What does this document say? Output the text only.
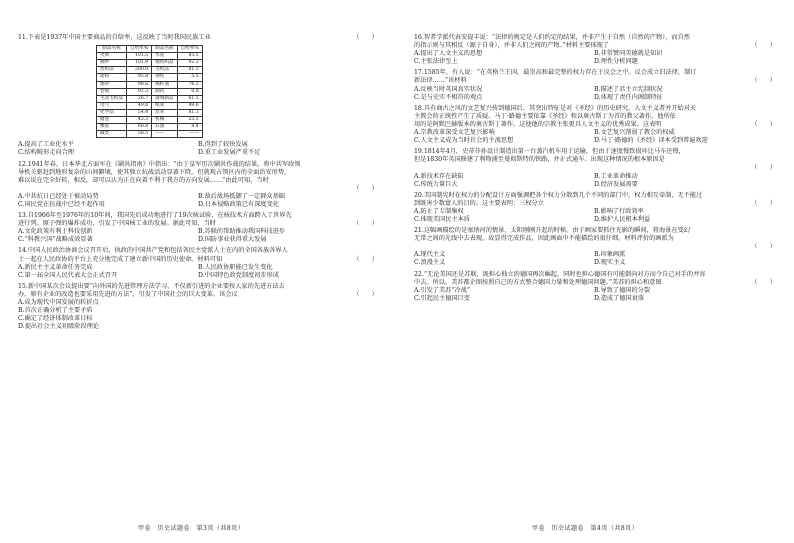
11.下表是1937年中国主要商品的自给率，这反映了当时我国民族工业	（　　）
制品名称	自给率%	制品名称	自给率%
火柴	101.5	水泥	83.5
棉纱	101.9	棉纺织品	92.2
丝织品	200.0	毛织品	81.5
面粉	95.8	钢铁	5.5
烟草	98.6	棉籽油	76.5
卷烟	92.3	制药	0.8
毛及毛织品	26.7	玻璃制品	61.5
电气	49.6	纸张	49.6
化学品	54.4	皮革	81.3
搪瓷	42.3	机械	23.5
橡胶	68.8	石油	8.4
碱类	58.5	——	——
A.提高了工业化水平	B.得到了较快发展
C.结构畸形走向合理	D.重工业发展严重不足
12.1941年春，日本华北方面军在《剿共指南》中指出：“由于皇军历次剿共作战的结果，将中共军政领
导机关驱赶到地形复杂的山间僻壤，使其独立抗战活动显著下降。但就观占领区内的全面治安形势，
难以说在完全好转，相反，却可以认为正在向着不利于我方的方向发展……”由此可知，当时
（　　）
A.中共抗日已经处于被动局势	B.敌后战场抵御了一定群众基础
C.国民党在抗战中已经不起作用	D.日本侵略政策已有深度变化
13.自1966年至1976年的10年间，我国先后成功地进行了19次核试验，在核技术方面跨入了世界先
进行列。原子弹的爆炸成功，引发了中国核工业的发展。据此可知，当时	（　　）
A.文化政策有利于科技创新	B.苏联的帮助推动我国科技进步
C.“科教兴国”战略成效显著	D.国防事业获得重大发展
14.中国人民政治协商会议召开后，执政的中国共产党和包括各民主党派人士在内的全国各族各界人
士一起在人民政协的平台上充分地完成了建立新中国的历史使命。材料可知	（　　）
A.新民主主义革命任务完成	B.人民政协职能已发生变化
C.第一届全国人民代表大会正式召开	D.中国特色政党制度初步形成
15.新中国某次会议提出要“向外国的先进管理方法学习，不仅新引进的企业要按人家的先进方法去
办，原有企业的改造也要采用先进的方法”，引发了中国社会的巨大变革。该会议	（　　）
A.成为现代中国发展的转折点
B.首次正确分析了主要矛盾
C.确定了经济体制改革目标
D.提出社会主义初级阶段理论
16.智者学派代表安提丰说：“法律的规定是人们约定的结果，并非产生于自然（自然的产物），而自然
的指示则与其相反（源于自身），并非人们之间的产物。”材料主要体现了	（　　）
A.提出了人文主义的思想	B.非常赞同美德就是知识
C.主张法律至上	D.理性分析问题
17.1585年，有人说：“在英格兰王国，最崇高和最完整的权力存在于议会之中。议会成立旧法律，制订
新法律……”该材料	（　　）
A.反映当时英国真实状况	B.描述了君主立宪制状况
C.是与史实不相符的观点	D.体现了责任内阁制特征
18.具有商古之风的文艺复兴传到德国后，其突出特征是对《圣经》的历史研究，人文主义者并开始对天
主教会的正统性产生了质疑。马丁·路德主要依靠《圣经》和以奥古斯丁为首的教父著作，他所依
用的是阿默巴赫版本的奥古斯丁著作，这使他的宗教主张更具人文主义的优秀成果。这表明	（　　）
A.宗教改革深受文艺复兴影响	B.文艺复兴削弱了教会的权威
C.人文主义成为当时社会的主流思想	D.马丁·路德的《圣经》译本受到普遍欢迎
19.1814年4月，史蒂芬孙设计制造出第一台蒸汽机车用于运输，但由于速度慢致损坏比马车还慢，
但是1830年英国修建了利物浦至曼彻斯特的铁路，并正式通车。出现这种情况的根本原因是
（　　）
A.新技术存在缺陷	B.工业革命推动
C.传统力量巨大	D.经济发展需要
20.美国制宪时在权力的分配设计方面强调把各个权力分散到几个不同的部门中，权力相互牵制，无不能过
到既害少数富人的目的。这主要表明：三权分立	（　　）
A.防止了专制集权	B.影响了行政效率
C.体现美国民主本质	D.维护人民根本利益
21.这幅画描绘的是塞纳河的情景，太阳刚刚升起的时候。由于画家要抓住光影的瞬间，将海景在变幻
无常之间的光线中去表现，故显得完成作品，因此画面中不能描绘的很仔细。材料评价的画派为
（　　）
A.现代主义	B.印象画派
C.浪漫主义	D.现实主义
22.“无论美国还是苏联，既担心独立的德国再次崛起，同时也担心德国有可能倒向对方而令自己对手的并容
中去。所以，美苏都企图按照自己的方式整合德国力量和处理德国问题。”美苏的担心和意图	（　　）
A.引发了美苏“冷战”	B.导致了德国的分裂
C.引起民主德国巨变	D.造成了德国衰落
甲卷　历史试题卷　第3页（共8页）	甲卷　历史试题卷　第4页（共8页）
